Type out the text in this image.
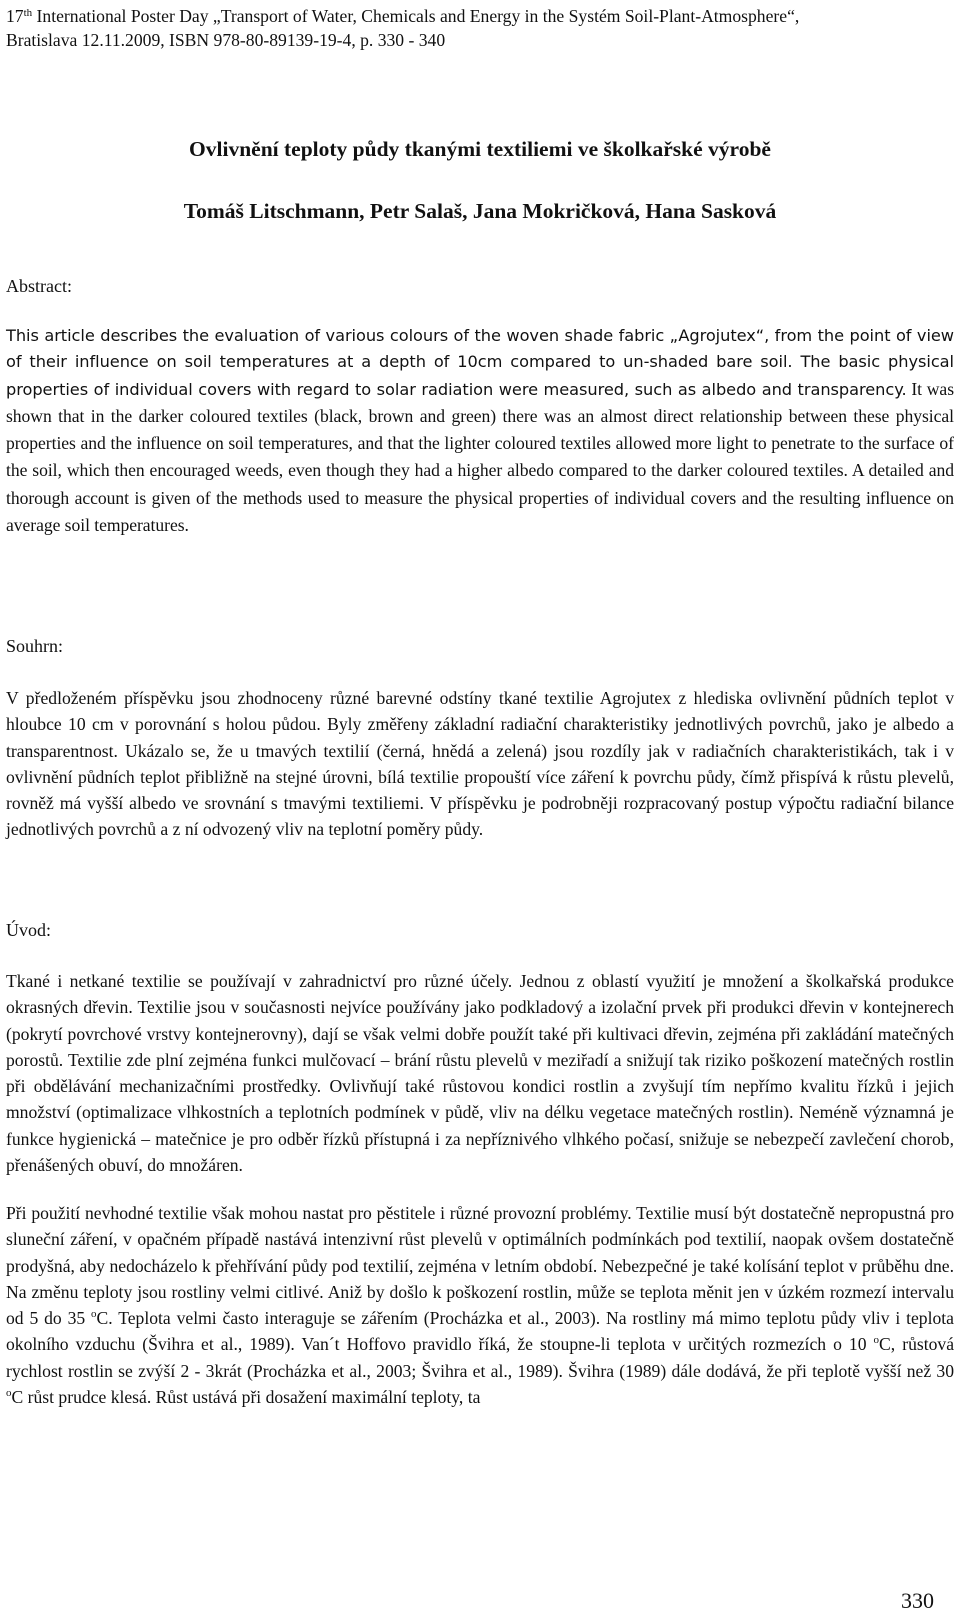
17th International Poster Day „Transport of Water, Chemicals and Energy in the Systém Soil-Plant-Atmosphere“,
Bratislava 12.11.2009, ISBN 978-80-89139-19-4, p. 330 - 340
Ovlivnění teploty půdy tkanými textiliemi ve školkařské výrobě
Tomáš Litschmann, Petr Salaš, Jana Mokričková, Hana Sasková
Abstract:

This article describes the evaluation of various colours of the woven shade fabric „Agrojutex“, from the point of view of their influence on soil temperatures at a depth of 10cm compared to un-shaded bare soil. The basic physical properties of individual covers with regard to solar radiation were measured, such as albedo and transparency. It was shown that in the darker coloured textiles (black, brown and green) there was an almost direct relationship between these physical properties and the influence on soil temperatures, and that the lighter coloured textiles allowed more light to penetrate to the surface of the soil, which then encouraged weeds, even though they had a higher albedo compared to the darker coloured textiles. A detailed and thorough account is given of the methods used to measure the physical properties of individual covers and the resulting influence on average soil temperatures.

Souhrn:

V předloženém příspěvku jsou zhodnoceny různé barevné odstíny tkané textilie Agrojutex z hlediska ovlivnění půdních teplot v hloubce 10 cm v porovnání s holou půdou. Byly změřeny základní radiační charakteristiky jednotlivých povrchů, jako je albedo a transparentnost. Ukázalo se, že u tmavých textilií (černá, hnědá a zelená) jsou rozdíly jak v radiačních charakteristikách, tak i v ovlivnění půdních teplot přibližně na stejné úrovni, bílá textilie propouští více záření k povrchu půdy, čímž přispívá k růstu plevelů, rovněž má vyšší albedo ve srovnání s tmavými textiliemi. V příspěvku je podrobněji rozpracovaný postup výpočtu radiační bilance jednotlivých povrchů a z ní odvozený vliv na teplotní poměry půdy.

Úvod:

Tkané i netkané textilie se používají v zahradnictví pro různé účely. Jednou z oblastí využití je množení a školkařská produkce okrasných dřevin. Textilie jsou v současnosti nejvíce používány jako podkladový a izolační prvek při produkci dřevin v kontejnerech (pokrytí povrchové vrstvy kontejnerovny), dají se však velmi dobře použít také při kultivaci dřevin, zejména při zakládání matečných porostů. Textilie zde plní zejména funkci mulčovací – brání růstu plevelů v meziřadí a snižují tak riziko poškození matečných rostlin při obdělávání mechanizačními prostředky. Ovlivňují také růstovou kondici rostlin a zvyšují tím nepřímo kvalitu řízků i jejich množství (optimalizace vlhkostních a teplotních podmínek v půdě, vliv na délku vegetace matečných rostlin). Neméně významná je funkce hygienická – matečnice je pro odběr řízků přístupná i za nepříznivého vlhkého počasí, snižuje se nebezpečí zavlečení chorob, přenášených obuví, do množáren.

Při použití nevhodné textilie však mohou nastat pro pěstitele i různé provozní problémy. Textilie musí být dostatečně nepropustná pro sluneční záření, v opačném případě nastává intenzivní růst plevelů v optimálních podmínkách pod textilií, naopak ovšem dostatečně prodyšná, aby nedocházelo k přehřívání půdy pod textilií, zejména v letním období. Nebezpečné je také kolísání teplot v průběhu dne. Na změnu teploty jsou rostliny velmi citlivé. Aniž by došlo k poškození rostlin, může se teplota měnit jen v úzkém rozmezí intervalu od 5 do 35 $^o$C. Teplota velmi často interaguje se zářením (Procházka et al., 2003). Na rostliny má mimo teplotu půdy vliv i teplota okolního vzduchu (Švihra et al., 1989). Van´t Hoffovo pravidlo říká, že stoupne-li teplota v určitých rozmezích o 10 $^o$C, růstová rychlost rostlin se zvýší 2 - 3krát (Procházka et al., 2003; Švihra et al., 1989). Švihra (1989) dále dodává, že při teplotě vyšší než 30 $^o$C růst prudce klesá. Růst ustává při dosažení maximální teploty, ta

330
